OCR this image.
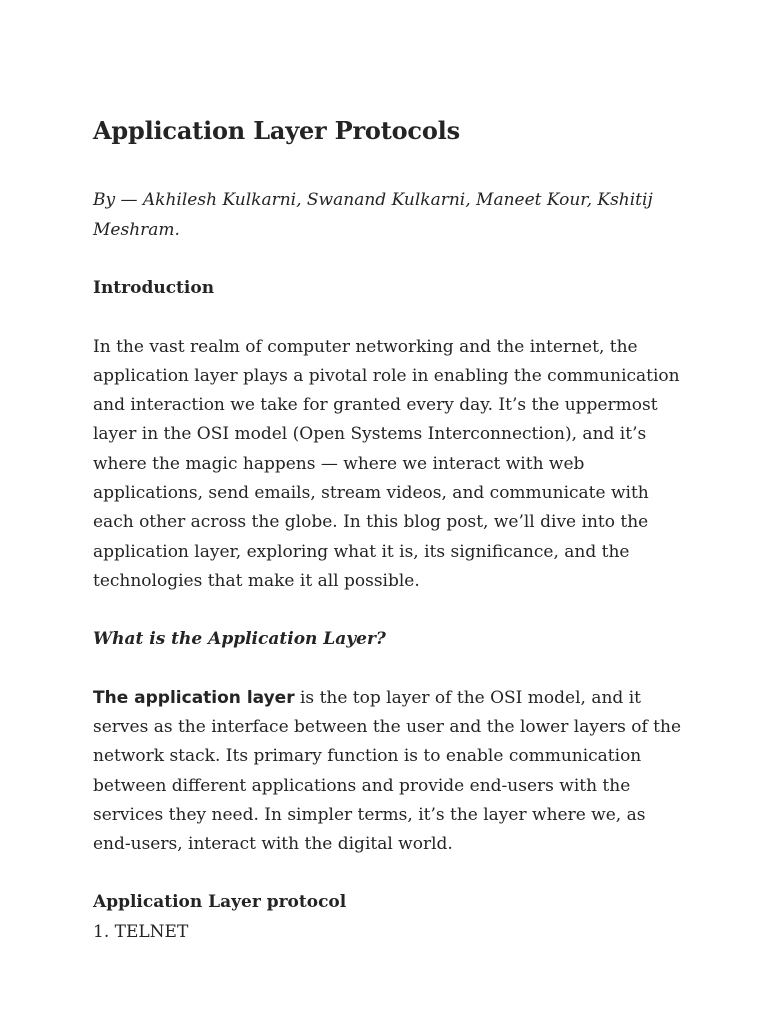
Application Layer Protocols

By — Akhilesh Kulkarni, Swanand Kulkarni, Maneet Kour, Kshitij Meshram.

Introduction

In the vast realm of computer networking and the internet, the application layer plays a pivotal role in enabling the communication and interaction we take for granted every day. It’s the uppermost layer in the OSI model (Open Systems Interconnection), and it’s where the magic happens — where we interact with web applications, send emails, stream videos, and communicate with each other across the globe. In this blog post, we’ll dive into the application layer, exploring what it is, its significance, and the technologies that make it all possible.

What is the Application Layer?

The application layer is the top layer of the OSI model, and it serves as the interface between the user and the lower layers of the network stack. Its primary function is to enable communication between different applications and provide end-users with the services they need. In simpler terms, it’s the layer where we, as end-users, interact with the digital world.

Application Layer protocol
1. TELNET
